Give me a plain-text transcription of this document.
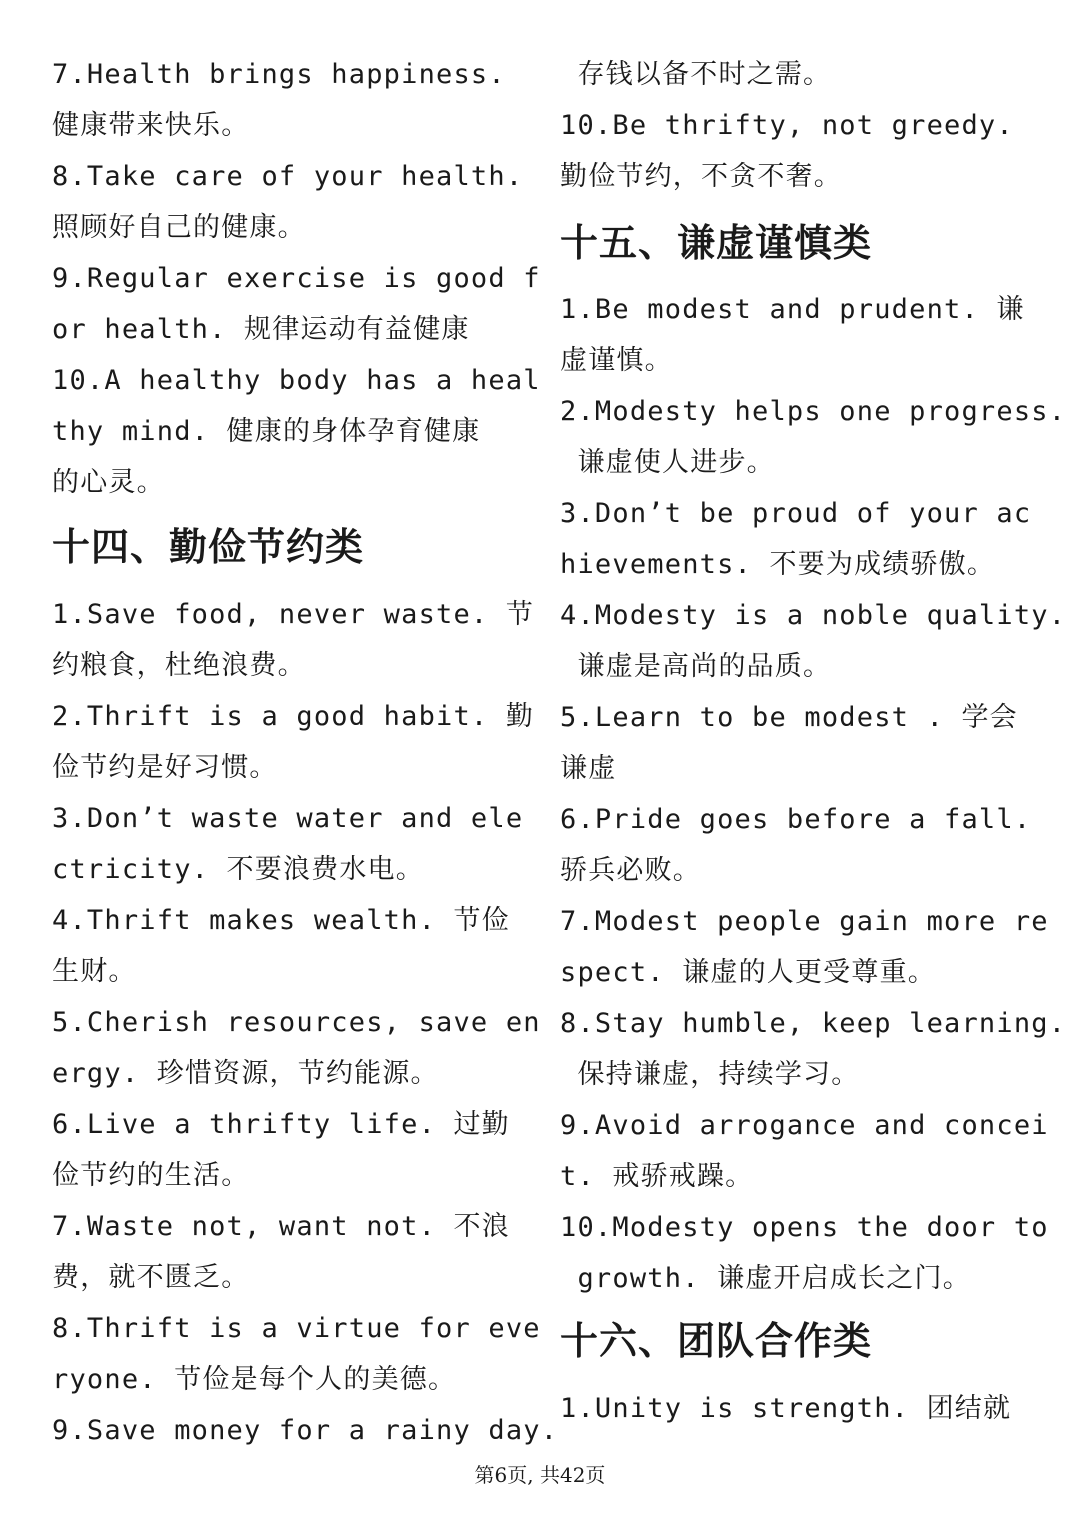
7.Health brings happiness.
健康带来快乐。
8.Take care of your health.
照顾好自己的健康。
9.Regular exercise is good f
or health. 规律运动有益健康
10.A healthy body has a heal
thy mind. 健康的身体孕育健康
的心灵。
十四、勤俭节约类
1.Save food, never waste. 节
约粮食，杜绝浪费。
2.Thrift is a good habit. 勤
俭节约是好习惯。
3.Don’t waste water and ele
ctricity. 不要浪费水电。
4.Thrift makes wealth. 节俭
生财。
5.Cherish resources, save en
ergy. 珍惜资源，节约能源。
6.Live a thrifty life. 过勤
俭节约的生活。
7.Waste not, want not. 不浪
费，就不匮乏。
8.Thrift is a virtue for eve
ryone. 节俭是每个人的美德。
9.Save money for a rainy day.
存钱以备不时之需。
10.Be thrifty, not greedy.
勤俭节约，不贪不奢。
十五、谦虚谨慎类
1.Be modest and prudent. 谦
虚谨慎。
2.Modesty helps one progress.
谦虚使人进步。
3.Don’t be proud of your ac
hievements. 不要为成绩骄傲。
4.Modesty is a noble quality.
谦虚是高尚的品质。
5.Learn to be modest . 学会
谦虚
6.Pride goes before a fall.
骄兵必败。
7.Modest people gain more re
spect. 谦虚的人更受尊重。
8.Stay humble, keep learning.
保持谦虚，持续学习。
9.Avoid arrogance and concei
t. 戒骄戒躁。
10.Modesty opens the door to
growth. 谦虚开启成长之门。
十六、团队合作类
1.Unity is strength. 团结就
第6页, 共42页
